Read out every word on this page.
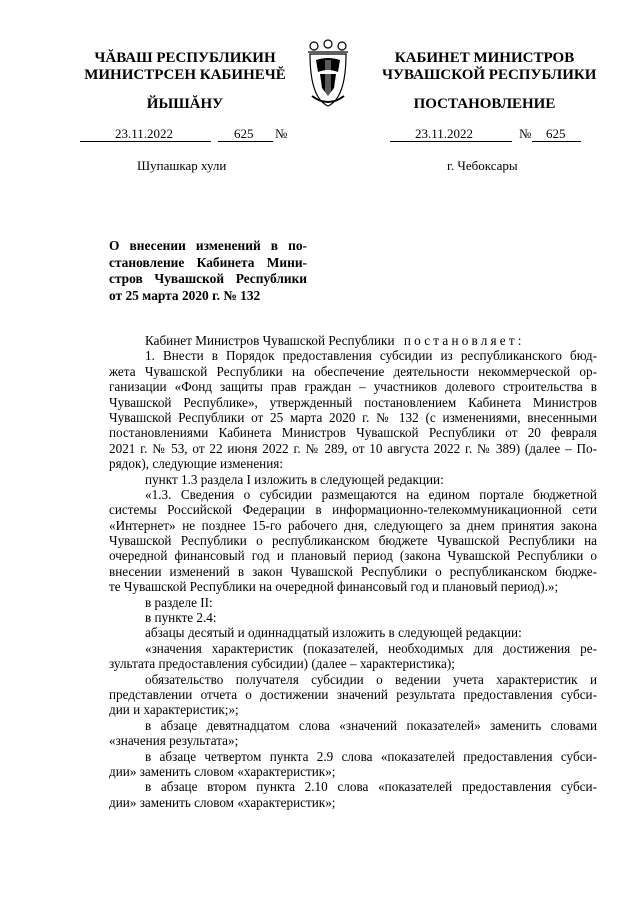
ЧĂВАШ РЕСПУБЛИКИН
МИНИСТРСЕН КАБИНЕЧĔ
ЙЫШĂНУ
КАБИНЕТ МИНИСТРОВ
ЧУВАШСКОЙ РЕСПУБЛИКИ
ПОСТАНОВЛЕНИЕ
23.11.2022	625 №	23.11.2022	№ 625
Шупашкар хули	г. Чебоксары
О внесении изменений в по-
становление Кабинета Мини-
стров Чувашской Республики
от 25 марта 2020 г. № 132
Кабинет Министров Чувашской Республики постановляет:
1. Внести в Порядок предоставления субсидии из республиканского бюд-
жета Чувашской Республики на обеспечение деятельности некоммерческой ор-
ганизации «Фонд защиты прав граждан – участников долевого строительства в
Чувашской Республике», утвержденный постановлением Кабинета Министров
Чувашской Республики от 25 марта 2020 г. № 132 (с изменениями, внесенными
постановлениями Кабинета Министров Чувашской Республики от 20 февраля
2021 г. № 53, от 22 июня 2022 г. № 289, от 10 августа 2022 г. № 389) (далее – По-
рядок), следующие изменения:
пункт 1.3 раздела I изложить в следующей редакции:
«1.3. Сведения о субсидии размещаются на едином портале бюджетной
системы Российской Федерации в информационно-телекоммуникационной сети
«Интернет» не позднее 15-го рабочего дня, следующего за днем принятия закона
Чувашской Республики о республиканском бюджете Чувашской Республики на
очередной финансовый год и плановый период (закона Чувашской Республики о
внесении изменений в закон Чувашской Республики о республиканском бюдже-
те Чувашской Республики на очередной финансовый год и плановый период).»;
в разделе II:
в пункте 2.4:
абзацы десятый и одиннадцатый изложить в следующей редакции:
«значения характеристик (показателей, необходимых для достижения ре-
зультата предоставления субсидии) (далее – характеристика);
обязательство получателя субсидии о ведении учета характеристик и
представлении отчета о достижении значений результата предоставления субси-
дии и характеристик;»;
в абзаце девятнадцатом слова «значений показателей» заменить словами
«значения результата»;
в абзаце четвертом пункта 2.9 слова «показателей предоставления субси-
дии» заменить словом «характеристик»;
в абзаце втором пункта 2.10 слова «показателей предоставления субси-
дии» заменить словом «характеристик»;
